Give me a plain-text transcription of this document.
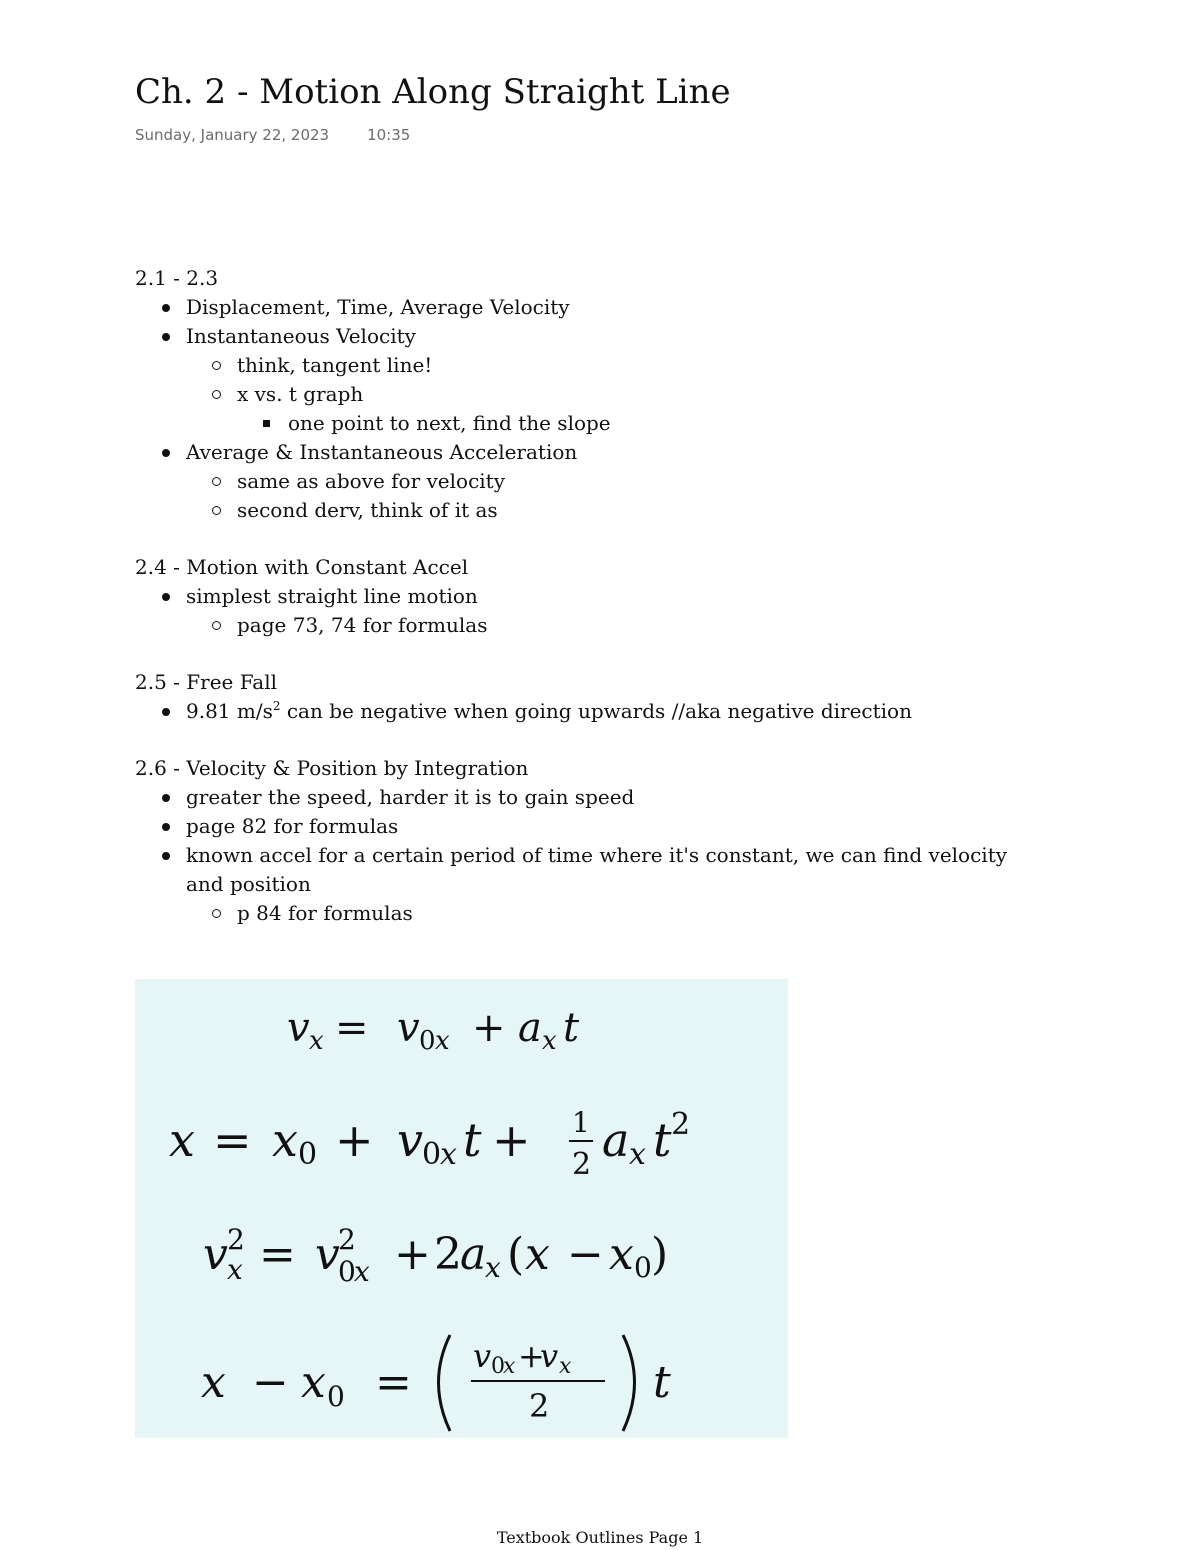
Ch. 2 - Motion Along Straight Line
Sunday, January 22, 2023	10:35
2.1 - 2.3
Displacement, Time, Average Velocity
Instantaneous Velocity
think, tangent line!
x vs. t graph
one point to next, find the slope
Average & Instantaneous Acceleration
same as above for velocity
second derv, think of it as
2.4 - Motion with Constant Accel
simplest straight line motion
page 73, 74 for formulas
2.5 - Free Fall
9.81 $m/s^2$ can be negative when going upwards //aka negative direction
2.6 - Velocity & Position by Integration
greater the speed, harder it is to gain speed
page 82 for formulas
known accel for a certain period of time where it's constant, we can find velocity
and position
p 84 for formulas
v x = v 0 x + a x t
x = x 0 + v 0
x t + 1
2 a x t 2
v 2
x = v
2
0
x + 2
a
x ( x − x 0 )
x − x 0 =
v 0
x +
v x
2 t
Textbook Outlines Page 1
